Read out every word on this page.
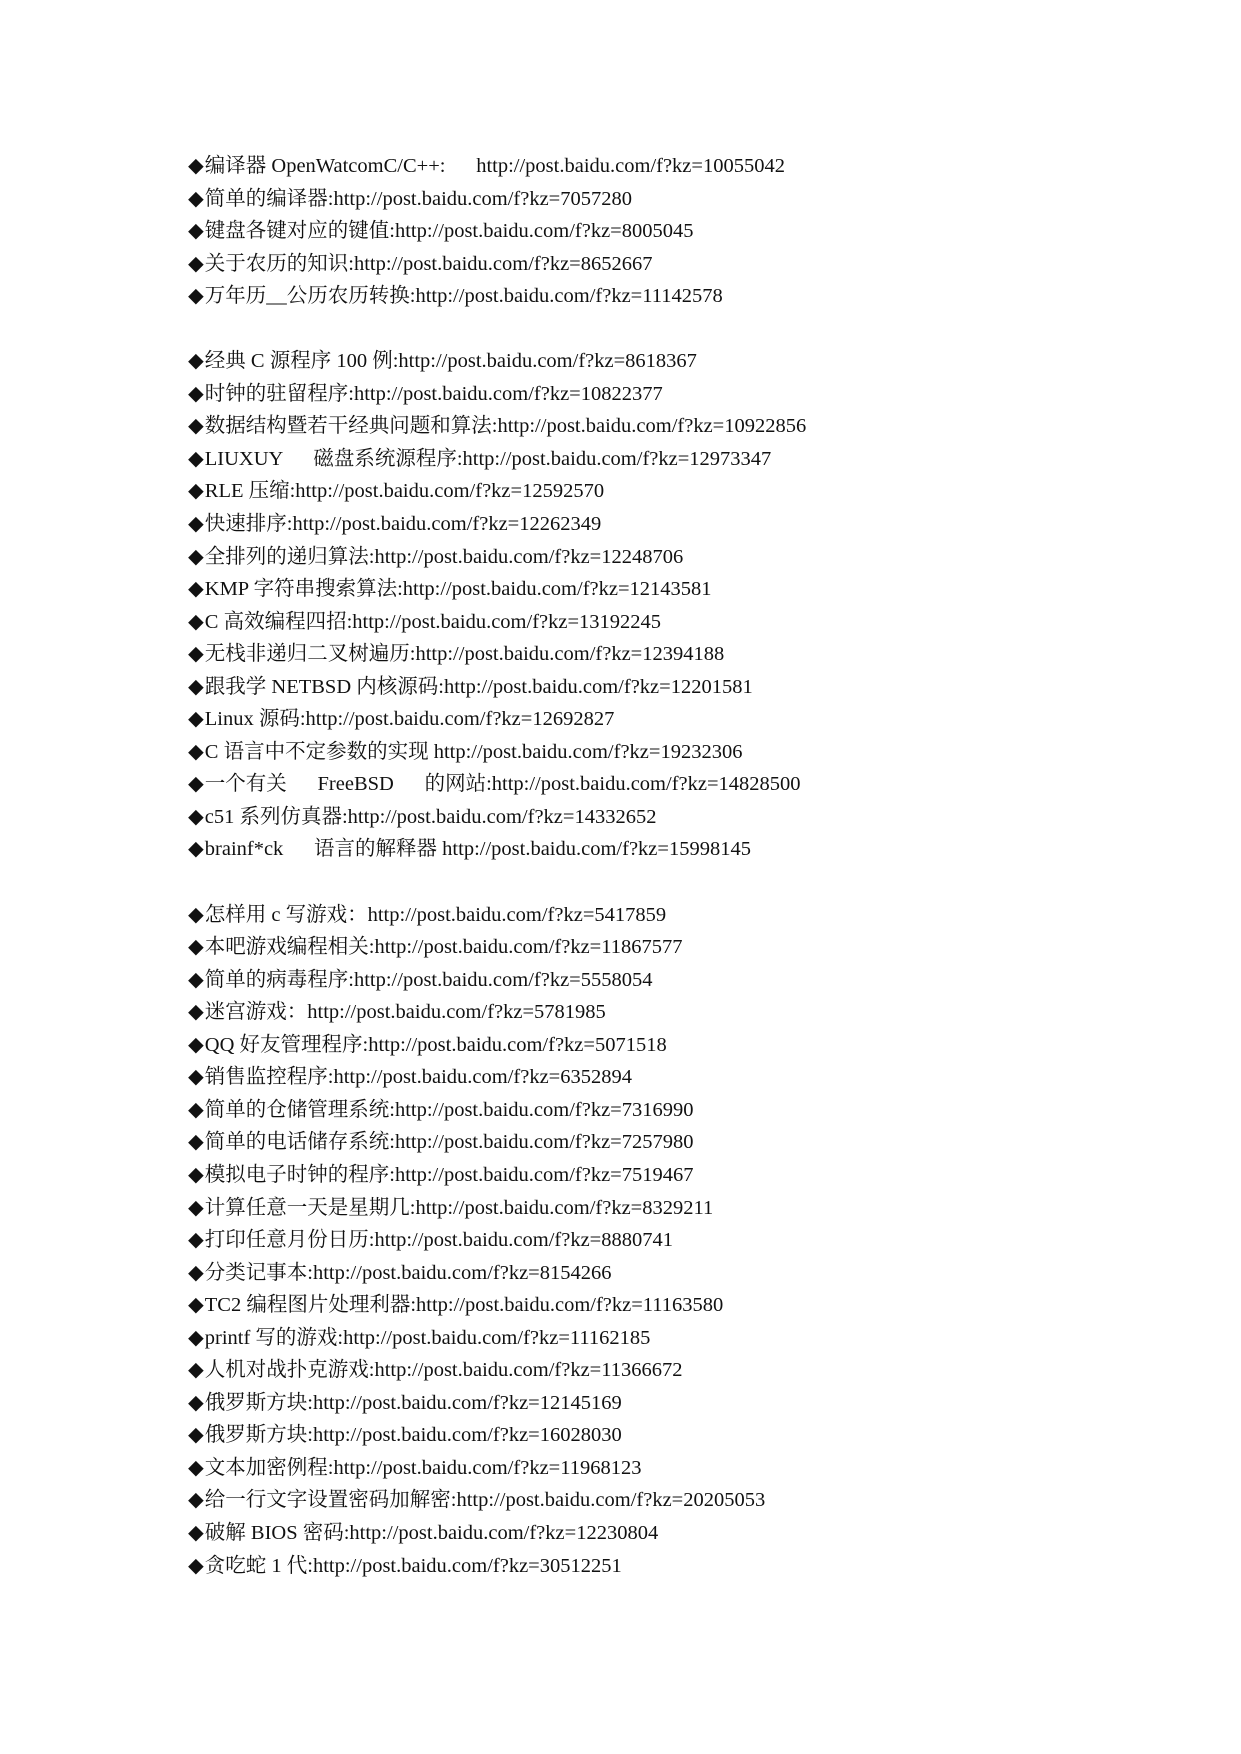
◆编译器 OpenWatcomC/C++:      http://post.baidu.com/f?kz=10055042
◆简单的编译器:http://post.baidu.com/f?kz=7057280
◆键盘各键对应的键值:http://post.baidu.com/f?kz=8005045
◆关于农历的知识:http://post.baidu.com/f?kz=8652667
◆万年历__公历农历转换:http://post.baidu.com/f?kz=11142578
◆经典 C 源程序 100 例:http://post.baidu.com/f?kz=8618367
◆时钟的驻留程序:http://post.baidu.com/f?kz=10822377
◆数据结构暨若干经典问题和算法:http://post.baidu.com/f?kz=10922856
◆LIUXUY      磁盘系统源程序:http://post.baidu.com/f?kz=12973347
◆RLE 压缩:http://post.baidu.com/f?kz=12592570
◆快速排序:http://post.baidu.com/f?kz=12262349
◆全排列的递归算法:http://post.baidu.com/f?kz=12248706
◆KMP 字符串搜索算法:http://post.baidu.com/f?kz=12143581
◆C 高效编程四招:http://post.baidu.com/f?kz=13192245
◆无栈非递归二叉树遍历:http://post.baidu.com/f?kz=12394188
◆跟我学 NETBSD 内核源码:http://post.baidu.com/f?kz=12201581
◆Linux 源码:http://post.baidu.com/f?kz=12692827
◆C 语言中不定参数的实现 http://post.baidu.com/f?kz=19232306
◆一个有关      FreeBSD      的网站:http://post.baidu.com/f?kz=14828500
◆c51 系列仿真器:http://post.baidu.com/f?kz=14332652
◆brainf*ck      语言的解释器 http://post.baidu.com/f?kz=15998145
◆怎样用 c 写游戏：http://post.baidu.com/f?kz=5417859
◆本吧游戏编程相关:http://post.baidu.com/f?kz=11867577
◆简单的病毒程序:http://post.baidu.com/f?kz=5558054
◆迷宫游戏：http://post.baidu.com/f?kz=5781985
◆QQ 好友管理程序:http://post.baidu.com/f?kz=5071518
◆销售监控程序:http://post.baidu.com/f?kz=6352894
◆简单的仓储管理系统:http://post.baidu.com/f?kz=7316990
◆简单的电话储存系统:http://post.baidu.com/f?kz=7257980
◆模拟电子时钟的程序:http://post.baidu.com/f?kz=7519467
◆计算任意一天是星期几:http://post.baidu.com/f?kz=8329211
◆打印任意月份日历:http://post.baidu.com/f?kz=8880741
◆分类记事本:http://post.baidu.com/f?kz=8154266
◆TC2 编程图片处理利器:http://post.baidu.com/f?kz=11163580
◆printf 写的游戏:http://post.baidu.com/f?kz=11162185
◆人机对战扑克游戏:http://post.baidu.com/f?kz=11366672
◆俄罗斯方块:http://post.baidu.com/f?kz=12145169
◆俄罗斯方块:http://post.baidu.com/f?kz=16028030
◆文本加密例程:http://post.baidu.com/f?kz=11968123
◆给一行文字设置密码加解密:http://post.baidu.com/f?kz=20205053
◆破解 BIOS 密码:http://post.baidu.com/f?kz=12230804
◆贪吃蛇 1 代:http://post.baidu.com/f?kz=30512251
